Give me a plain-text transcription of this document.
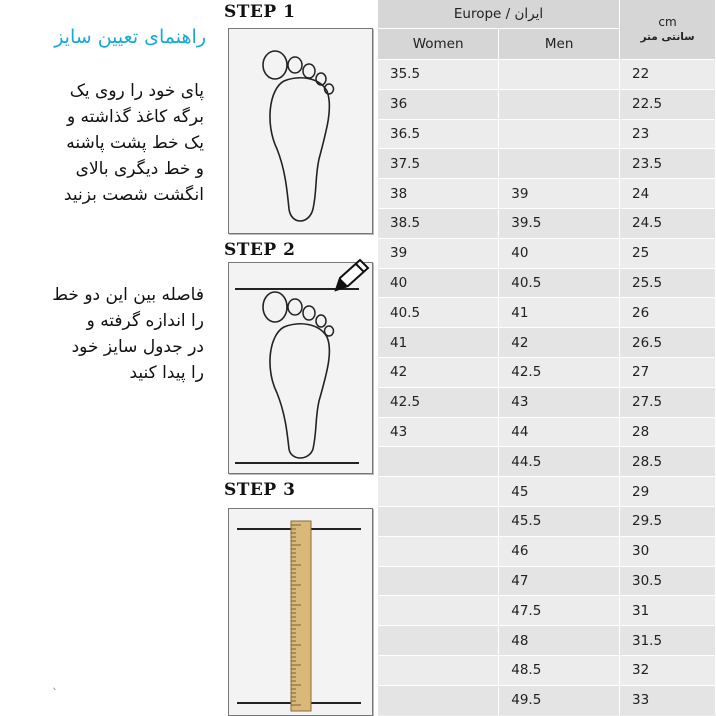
راهنمای تعیین سایز
پای خود را روی یک
برگه کاغذ گذاشته و
یک خط پشت پاشنه
و خط دیگری بالای
انگشت شصت بزنید
فاصله بین این دو خط
را اندازه گرفته و
در جدول سایز خود
را پیدا کنید
ˎ
STEP 1
STEP 2
STEP 3
Europe / ایران		cm
سانتی متر

Women	Men	
35.5		22
36		22.5
36.5		23
37.5		23.5
38	39	24
38.5	39.5	24.5
39	40	25
40	40.5	25.5
40.5	41	26
41	42	26.5
42	42.5	27
42.5	43	27.5
43	44	28
	44.5	28.5
	45	29
	45.5	29.5
	46	30
	47	30.5
	47.5	31
	48	31.5
	48.5	32
	49.5	33
